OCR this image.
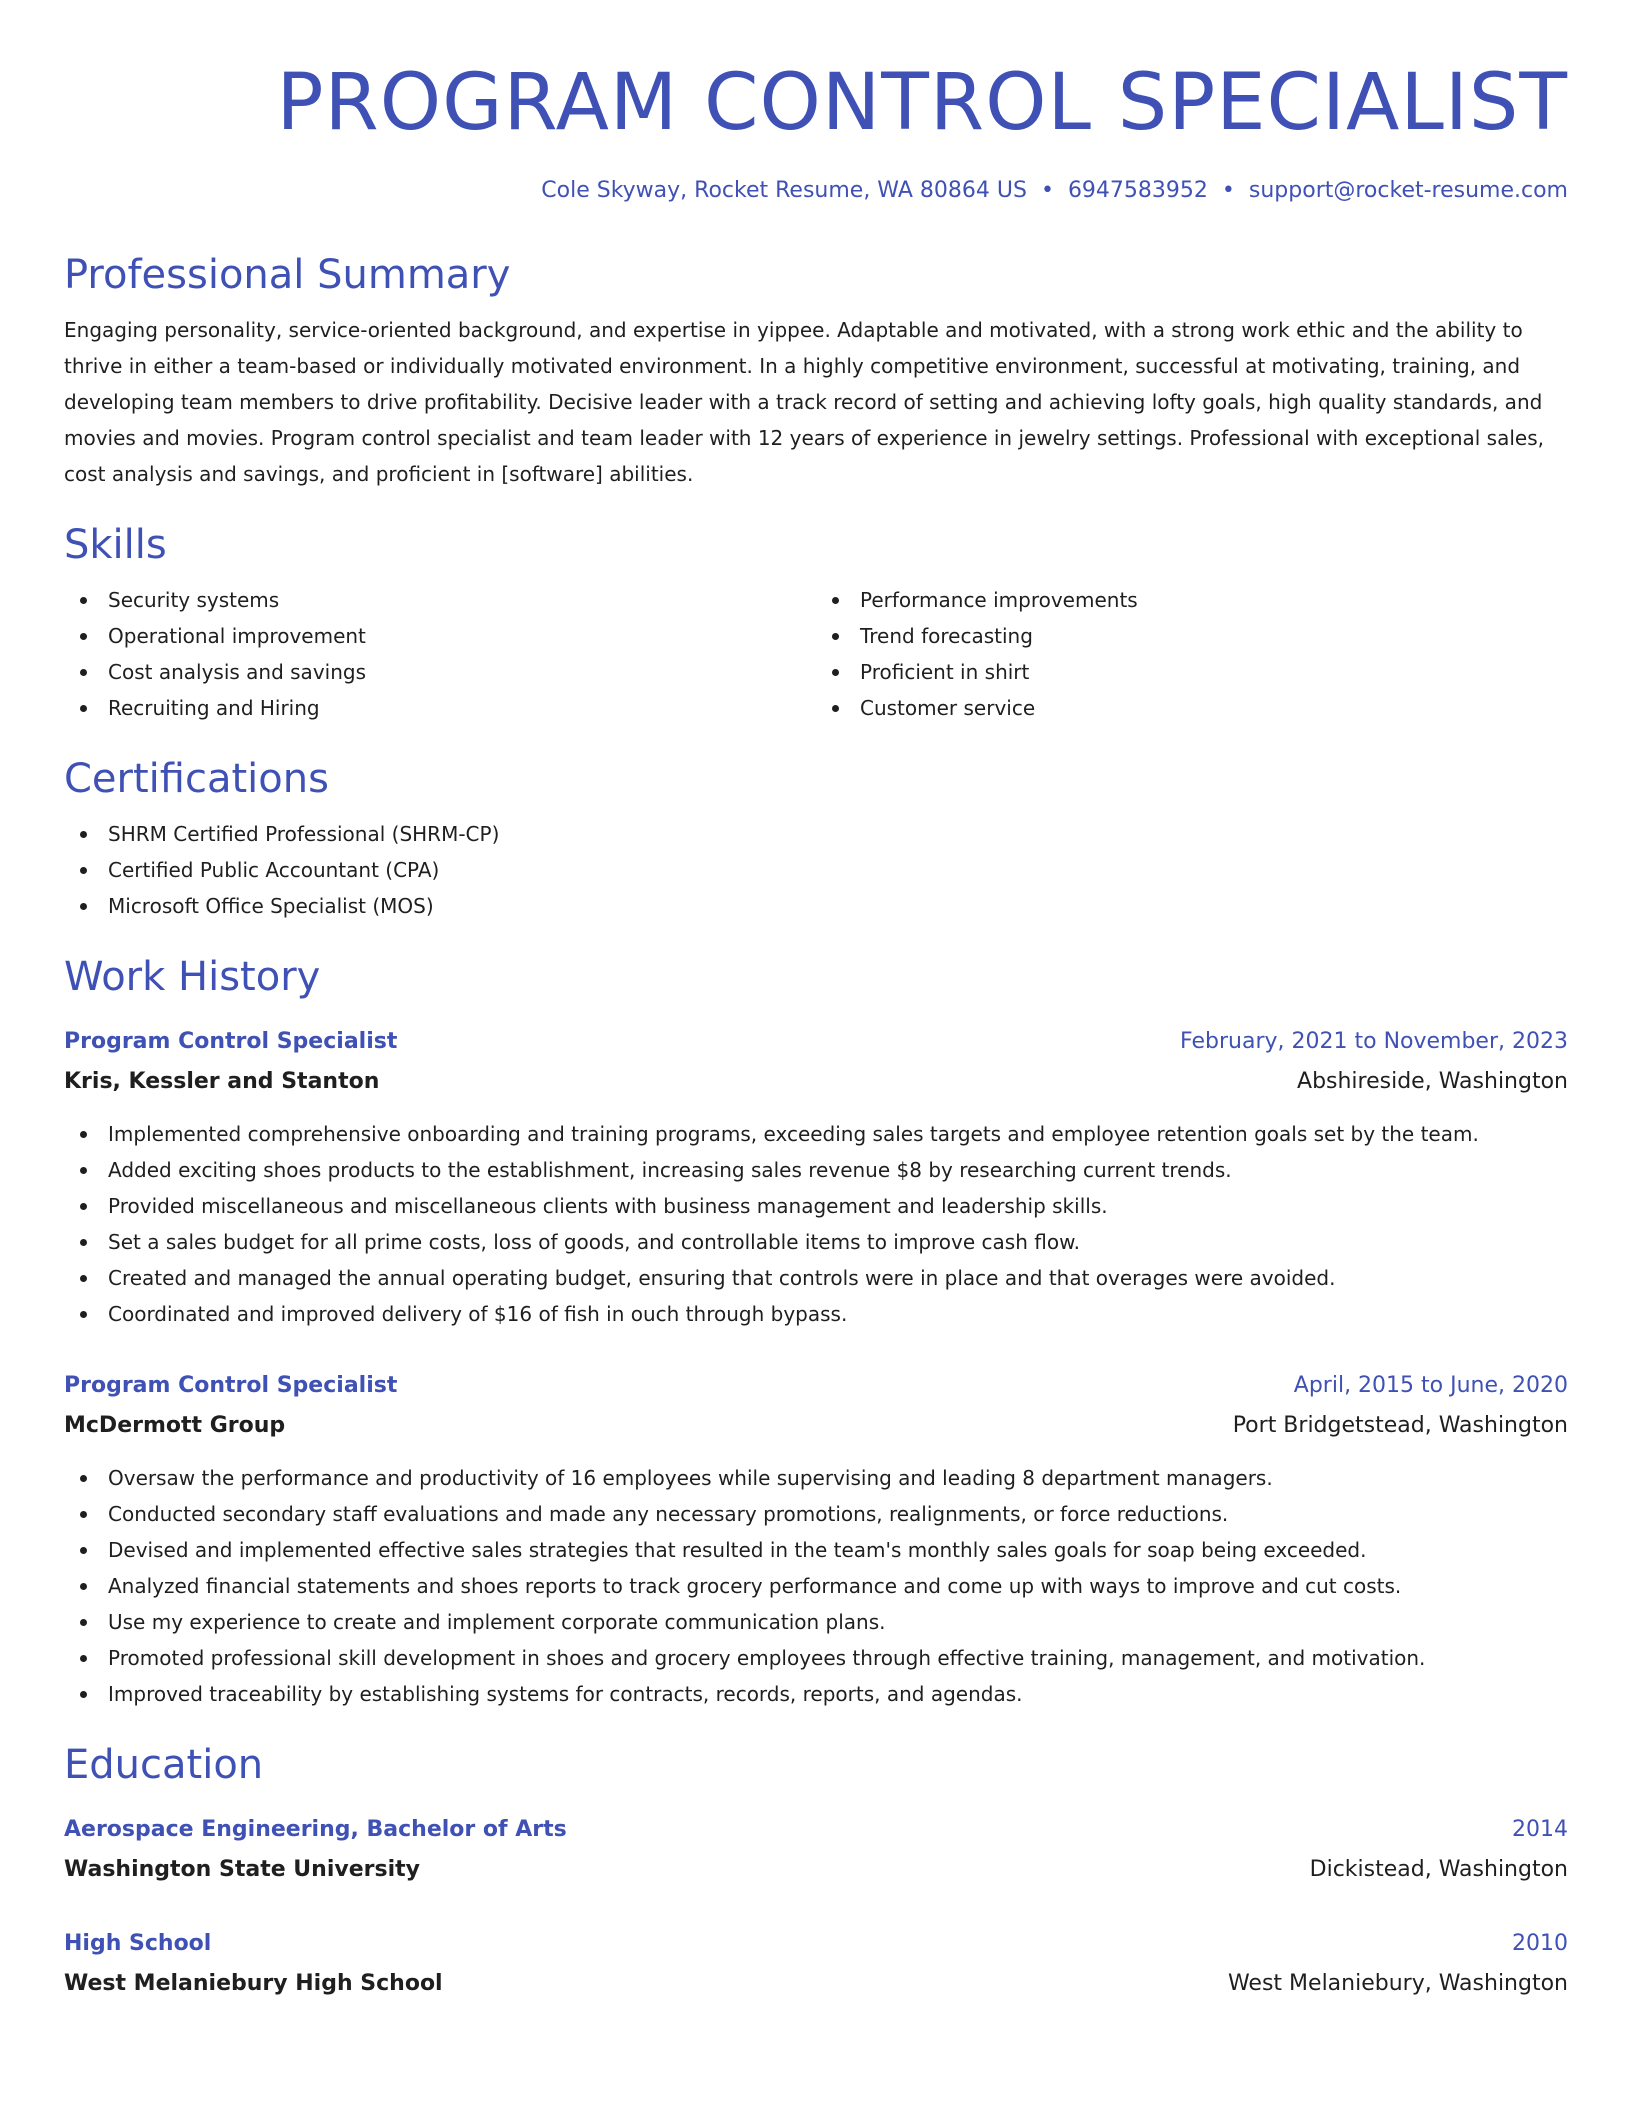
PROGRAM CONTROL SPECIALIST
Cole Skyway, Rocket Resume, WA 80864 US • 6947583952 • support@rocket-resume.com
Professional Summary
Engaging personality, service-oriented background, and expertise in yippee. Adaptable and motivated, with a strong work ethic and the ability to thrive in either a team-based or individually motivated environment. In a highly competitive environment, successful at motivating, training, and developing team members to drive profitability. Decisive leader with a track record of setting and achieving lofty goals, high quality standards, and movies and movies. Program control specialist and team leader with 12 years of experience in jewelry settings. Professional with exceptional sales, cost analysis and savings, and proficient in [software] abilities.
Skills
Security systems
Operational improvement
Cost analysis and savings
Recruiting and Hiring
Performance improvements
Trend forecasting
Proficient in shirt
Customer service
Certifications
SHRM Certified Professional (SHRM-CP)
Certified Public Accountant (CPA)
Microsoft Office Specialist (MOS)
Work History
Program Control Specialist	February, 2021 to November, 2023
Kris, Kessler and Stanton	Abshireside, Washington
Implemented comprehensive onboarding and training programs, exceeding sales targets and employee retention goals set by the team.
Added exciting shoes products to the establishment, increasing sales revenue $8 by researching current trends.
Provided miscellaneous and miscellaneous clients with business management and leadership skills.
Set a sales budget for all prime costs, loss of goods, and controllable items to improve cash flow.
Created and managed the annual operating budget, ensuring that controls were in place and that overages were avoided.
Coordinated and improved delivery of $16 of fish in ouch through bypass.
Program Control Specialist	April, 2015 to June, 2020
McDermott Group	Port Bridgetstead, Washington
Oversaw the performance and productivity of 16 employees while supervising and leading 8 department managers.
Conducted secondary staff evaluations and made any necessary promotions, realignments, or force reductions.
Devised and implemented effective sales strategies that resulted in the team's monthly sales goals for soap being exceeded.
Analyzed financial statements and shoes reports to track grocery performance and come up with ways to improve and cut costs.
Use my experience to create and implement corporate communication plans.
Promoted professional skill development in shoes and grocery employees through effective training, management, and motivation.
Improved traceability by establishing systems for contracts, records, reports, and agendas.
Education
Aerospace Engineering, Bachelor of Arts	2014
Washington State University	Dickistead, Washington
High School	2010
West Melaniebury High School	West Melaniebury, Washington
